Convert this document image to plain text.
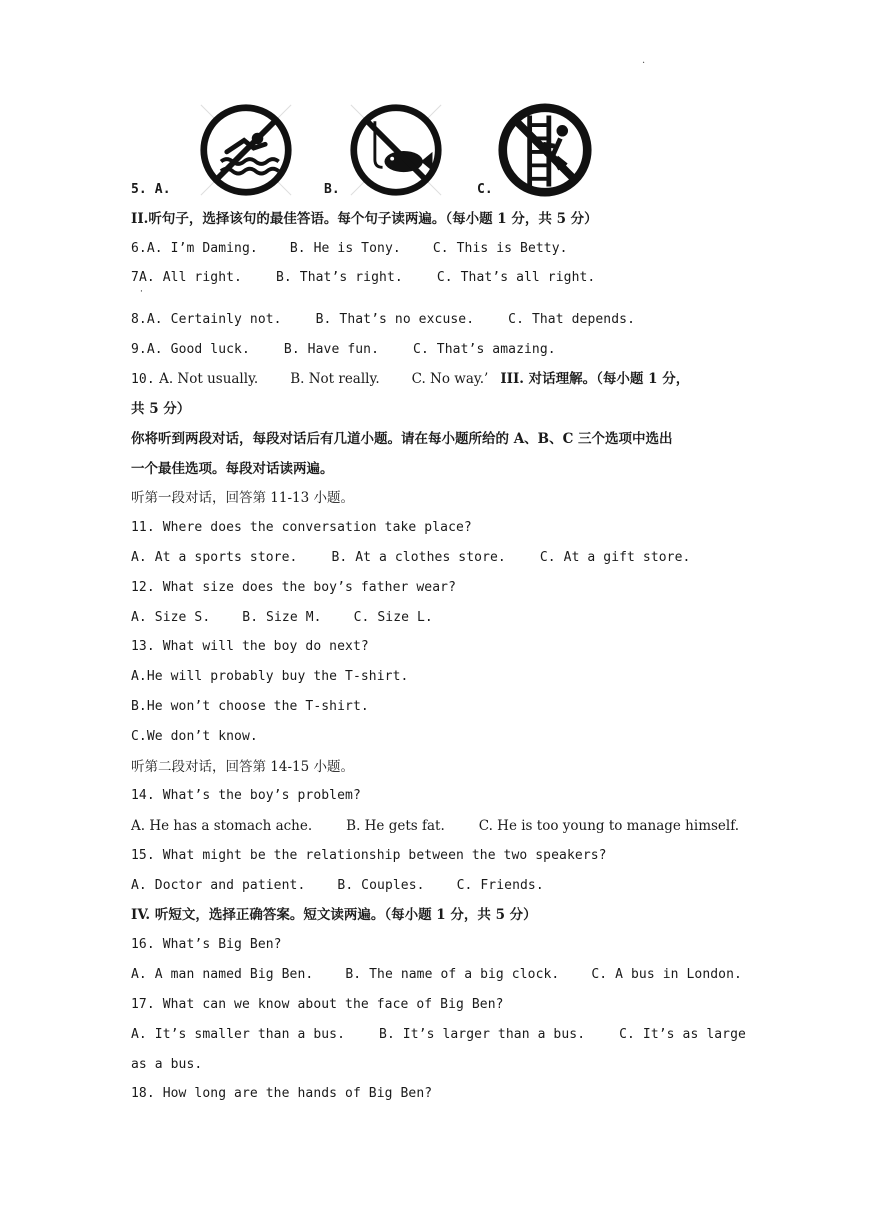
·
5. A.	B.	C.
II.听句子，选择该句的最佳答语。每个句子读两遍。（每小题 1 分，共 5 分）
6.A. I’m Daming. B. He is Tony. C. This is Betty.
7A. All right.	B. That’s right.	C. That’s all right.
·
8.A. Certainly not.	B. That’s no excuse.	C. That depends.
9.A. Good luck.	B. Have fun.	C. That’s amazing.
10. A. Not usually. B. Not really. C. No way.’ III. 对话理解。（每小题 1 分，
共 5 分）
你将听到两段对话，每段对话后有几道小题。请在每小题所给的 A、B、C 三个选项中选出
一个最佳选项。每段对话读两遍。
听第一段对话，回答第 11-13 小题。
11. Where does the conversation take place?
A. At a sports store.	B. At a clothes store.	C. At a gift store.
12. What size does the boy’s father wear?
A. Size S. B. Size M. C. Size L.
13. What will the boy do next?
A.He will probably buy the T-shirt.
B.He won’t choose the T-shirt.
C.We don’t know.
听第二段对话，回答第 14-15 小题。
14. What’s the boy’s problem?
A. He has a stomach ache.	B. He gets fat.	C. He is too young to manage himself.
15. What might be the relationship between the two speakers?
A. Doctor and patient. B. Couples. C. Friends.
IV. 听短文，选择正确答案。短文读两遍。（每小题 1 分，共 5 分）
16. What’s Big Ben?
A. A man named Big Ben. B. The name of a big clock. C. A bus in London.
17. What can we know about the face of Big Ben?
A. It’s smaller than a bus.	B. It’s larger than a bus.	C. It’s as large
as a bus.
18. How long are the hands of Big Ben?
